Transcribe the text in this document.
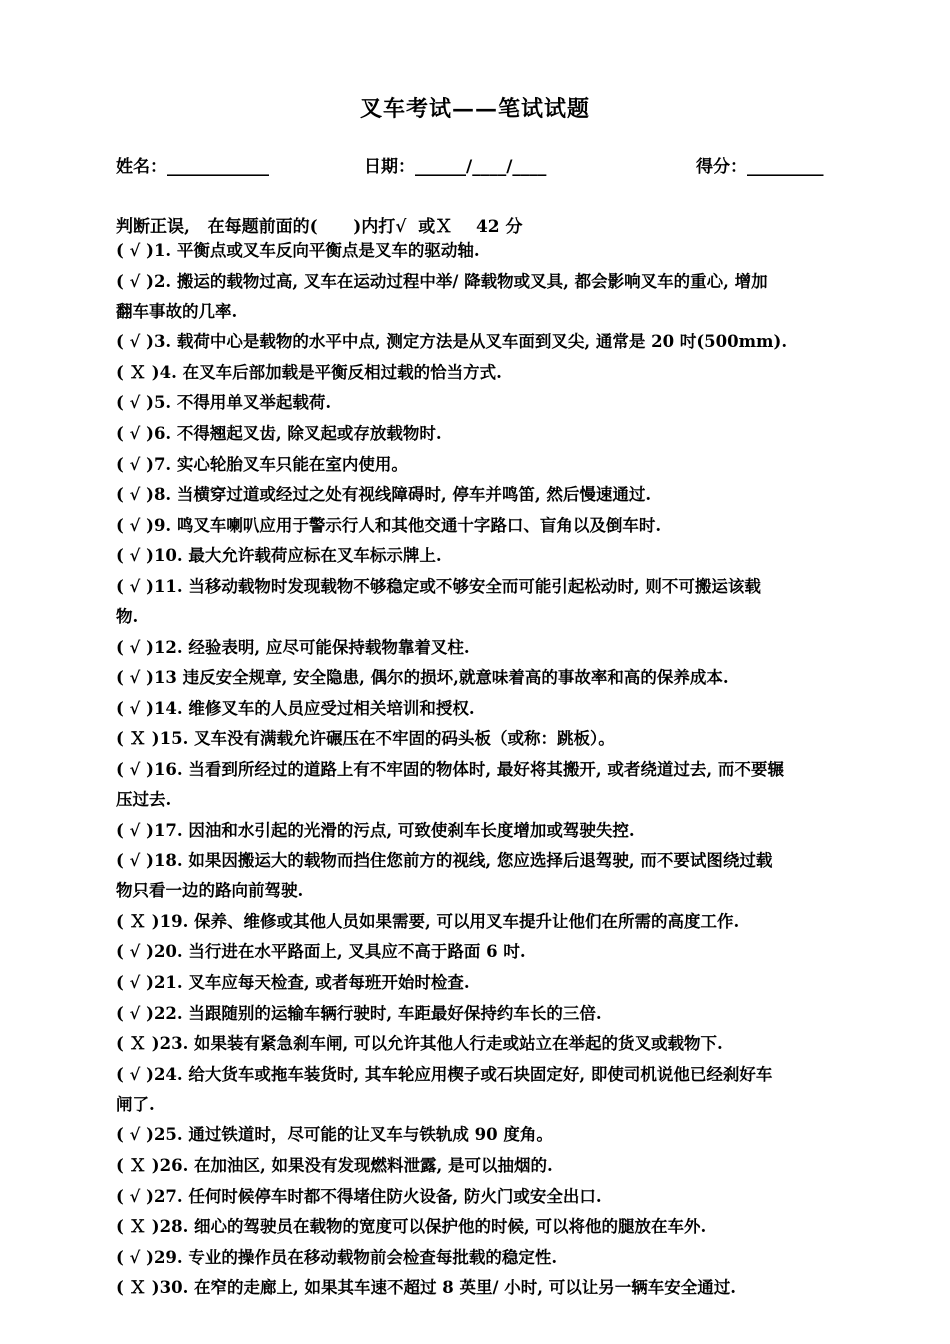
叉车考试——笔试试题
姓名：____________	日期：______/____/____	得分：_________
判断正误,   在每题前面的(      )内打√  或Ｘ    42 分
( √ )1. 平衡点或叉车反向平衡点是叉车的驱动轴.
( √ )2. 搬运的载物过高, 叉车在运动过程中举/ 降载物或叉具, 都会影响叉车的重心, 增加
翻车事故的几率.
( √ )3. 载荷中心是载物的水平中点, 测定方法是从叉车面到叉尖, 通常是 20 吋(500mm).
( Ｘ )4. 在叉车后部加载是平衡反相过载的恰当方式.
( √ )5. 不得用单叉举起载荷.
( √ )6. 不得翘起叉齿, 除叉起或存放载物时.
( √ )7. 实心轮胎叉车只能在室内使用。
( √ )8. 当横穿过道或经过之处有视线障碍时, 停车并鸣笛, 然后慢速通过.
( √ )9. 鸣叉车喇叭应用于警示行人和其他交通十字路口、盲角以及倒车时.
( √ )10. 最大允许载荷应标在叉车标示牌上.
( √ )11. 当移动载物时发现载物不够稳定或不够安全而可能引起松动时, 则不可搬运该载
物.
( √ )12. 经验表明, 应尽可能保持载物靠着叉柱.
( √ )13 违反安全规章, 安全隐患, 偶尔的损坏,就意味着高的事故率和高的保养成本.
( √ )14. 维修叉车的人员应受过相关培训和授权.
( Ｘ )15. 叉车没有满载允许碾压在不牢固的码头板（或称：跳板）。
( √ )16. 当看到所经过的道路上有不牢固的物体时, 最好将其搬开, 或者绕道过去, 而不要辗
压过去.
( √ )17. 因油和水引起的光滑的污点, 可致使刹车长度增加或驾驶失控.
( √ )18. 如果因搬运大的载物而挡住您前方的视线, 您应选择后退驾驶, 而不要试图绕过载
物只看一边的路向前驾驶.
( Ｘ )19. 保养、维修或其他人员如果需要, 可以用叉车提升让他们在所需的高度工作.
( √ )20. 当行进在水平路面上, 叉具应不高于路面 6 吋.
( √ )21. 叉车应每天检查, 或者每班开始时检查.
( √ )22. 当跟随别的运输车辆行驶时, 车距最好保持约车长的三倍.
( Ｘ )23. 如果装有紧急刹车闸, 可以允许其他人行走或站立在举起的货叉或载物下.
( √ )24. 给大货车或拖车装货时, 其车轮应用楔子或石块固定好, 即使司机说他已经刹好车
闸了.
( √ )25. 通过铁道时，尽可能的让叉车与铁轨成 90 度角。
( Ｘ )26. 在加油区, 如果没有发现燃料泄露, 是可以抽烟的.
( √ )27. 任何时候停车时都不得堵住防火设备, 防火门或安全出口.
( Ｘ )28. 细心的驾驶员在载物的宽度可以保护他的时候, 可以将他的腿放在车外.
( √ )29. 专业的操作员在移动载物前会检查每批载的稳定性.
( Ｘ )30. 在窄的走廊上, 如果其车速不超过 8 英里/ 小时, 可以让另一辆车安全通过.
